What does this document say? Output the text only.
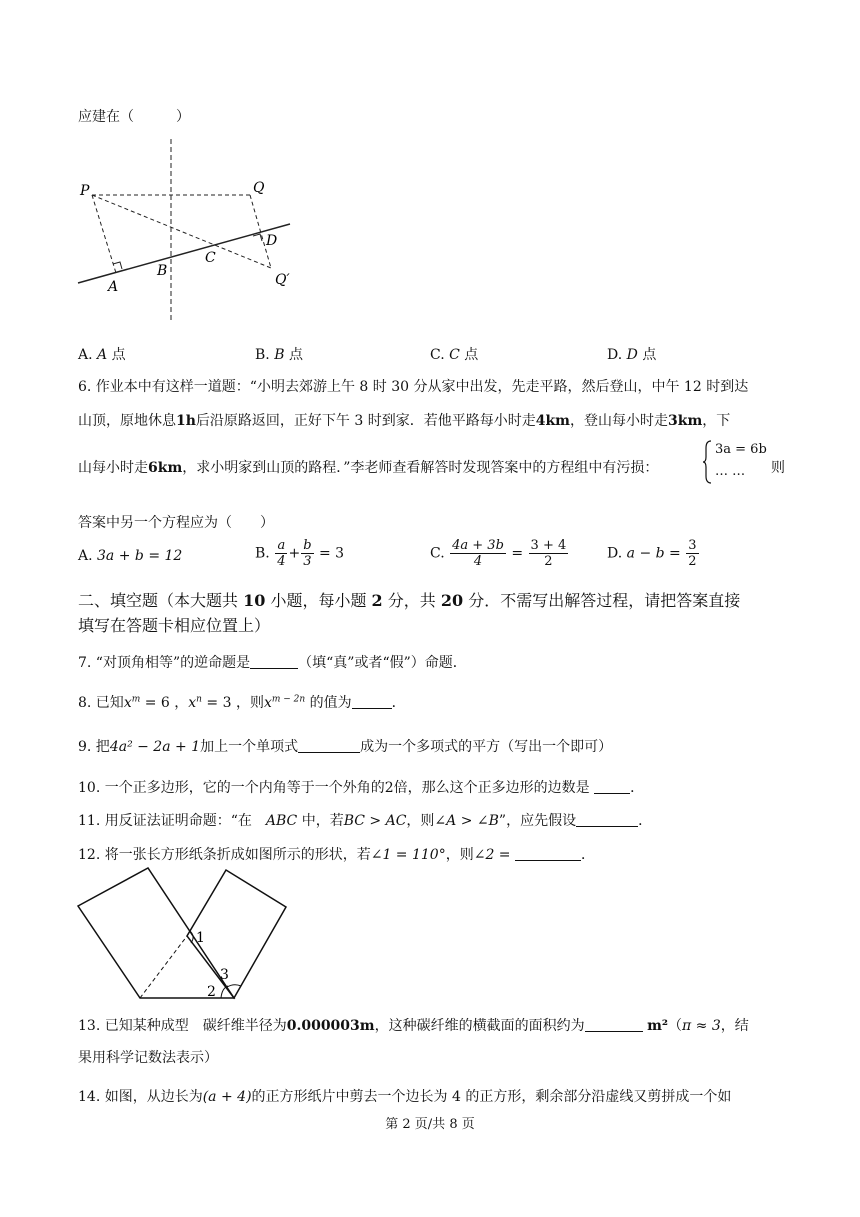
应建在（　　　）
P	Q
D
C
B
A	Q′
A. A 点	B. B 点	C. C 点	D. D 点
6. 作业本中有这样一道题：“小明去郊游上午 8 时 30 分从家中出发，先走平路，然后登山，中午 12 时到达
山顶，原地休息1h后沿原路返回，正好下午 3 时到家．若他平路每小时走4km，登山每小时走3km，下
山每小时走6km，求小明家到山顶的路程．”李老师查看解答时发现答案中的方程组中有污损：
3a = 6b
… … 则
答案中另一个方程应为（　　）
A. 3a + b = 12	B. $\frac{a}{4} + \frac{b}{3} = 3$	C. $\frac{4a + 3b}{4} = \frac{3 + 4}{2}$	D. $a - b = \frac{3}{2}$
二、填空题（本大题共 10 小题，每小题 2 分，共 20 分．不需写出解答过程，请把答案直接
填写在答题卡相应位置上）
7. “对顶角相等”的逆命题是	（填“真”或者“假”）命题．
8. 已知$x^m = 6$ ，$x^n = 3$ ，则$x^{m - 2n}$ 的值为	．
9. 把4a² − 2a + 1加上一个单项式	成为一个多项式的平方（写出一个即可）
10. 一个正多边形，它的一个内角等于一个外角的2倍，那么这个正多边形的边数是	．
11. 用反证法证明命题：“在　 ABC 中，若BC > AC，则∠A > ∠B”，应先假设	．
12. 将一张长方形纸条折成如图所示的形状，若∠1 = 110°，则∠2 =	．
1
2
3
13. 已知某种成型　碳纤维半径为0.000003m，这种碳纤维的横截面的面积约为	m²（π ≈ 3，结
果用科学记数法表示）
14. 如图，从边长为(a + 4)的正方形纸片中剪去一个边长为 4 的正方形，剩余部分沿虚线又剪拼成一个如
第 2 页/共 8 页
